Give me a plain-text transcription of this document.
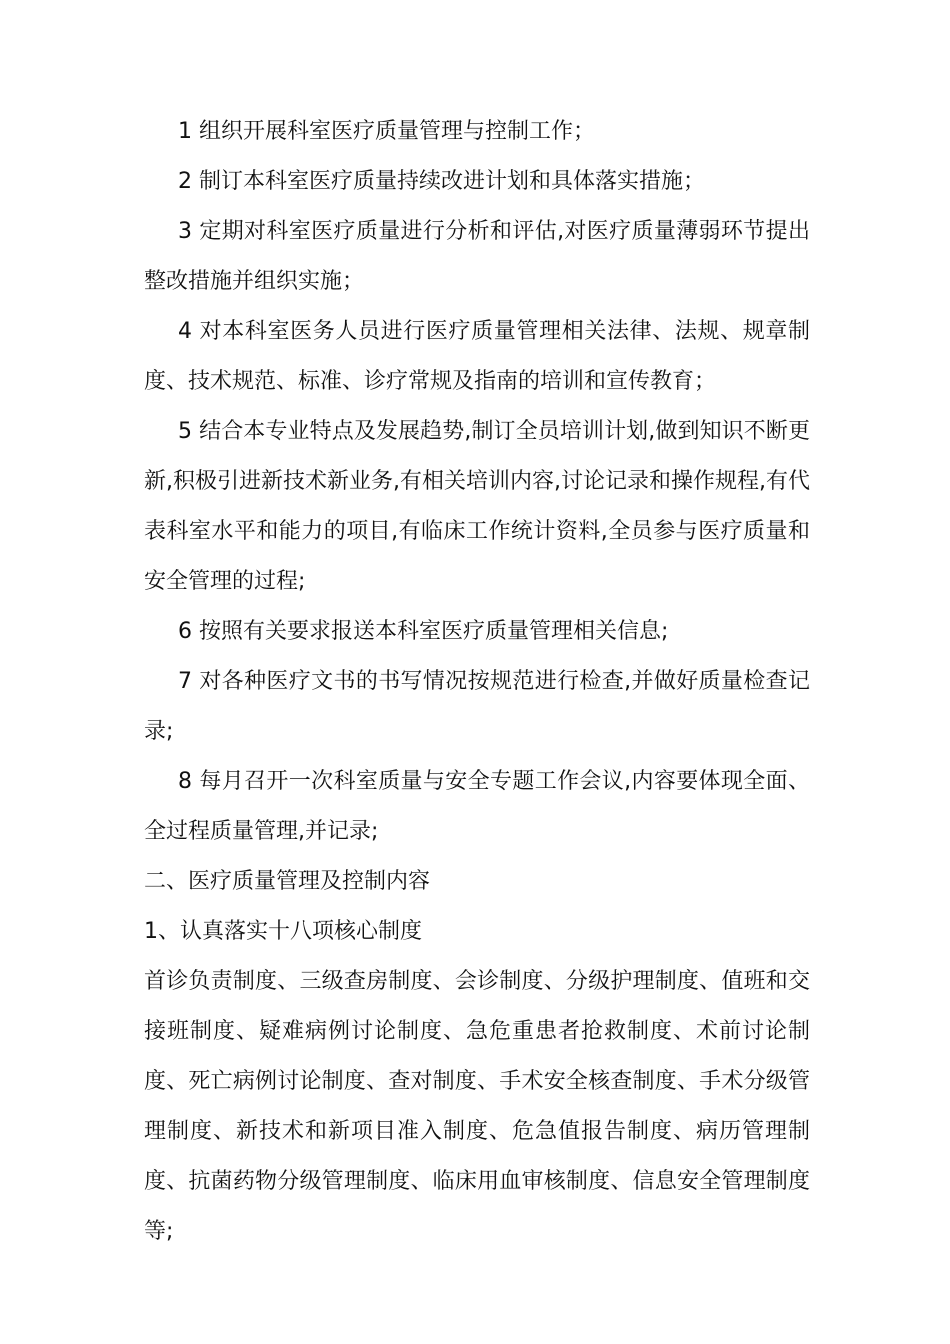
1 组织开展科室医疗质量管理与控制工作；

2 制订本科室医疗质量持续改进计划和具体落实措施；

3 定期对科室医疗质量进行分析和评估,对医疗质量薄弱环节提出整改措施并组织实施；

4 对本科室医务人员进行医疗质量管理相关法律、法规、规章制度、技术规范、标准、诊疗常规及指南的培训和宣传教育；

5 结合本专业特点及发展趋势,制订全员培训计划,做到知识不断更新,积极引进新技术新业务,有相关培训内容,讨论记录和操作规程,有代表科室水平和能力的项目,有临床工作统计资料,全员参与医疗质量和安全管理的过程;

6 按照有关要求报送本科室医疗质量管理相关信息;

7 对各种医疗文书的书写情况按规范进行检查,并做好质量检查记录;

8 每月召开一次科室质量与安全专题工作会议,内容要体现全面、全过程质量管理,并记录;

二、医疗质量管理及控制内容

1、认真落实十八项核心制度

首诊负责制度、三级查房制度、会诊制度、分级护理制度、值班和交接班制度、疑难病例讨论制度、急危重患者抢救制度、术前讨论制度、死亡病例讨论制度、查对制度、手术安全核查制度、手术分级管理制度、新技术和新项目准入制度、危急值报告制度、病历管理制度、抗菌药物分级管理制度、临床用血审核制度、信息安全管理制度等;
